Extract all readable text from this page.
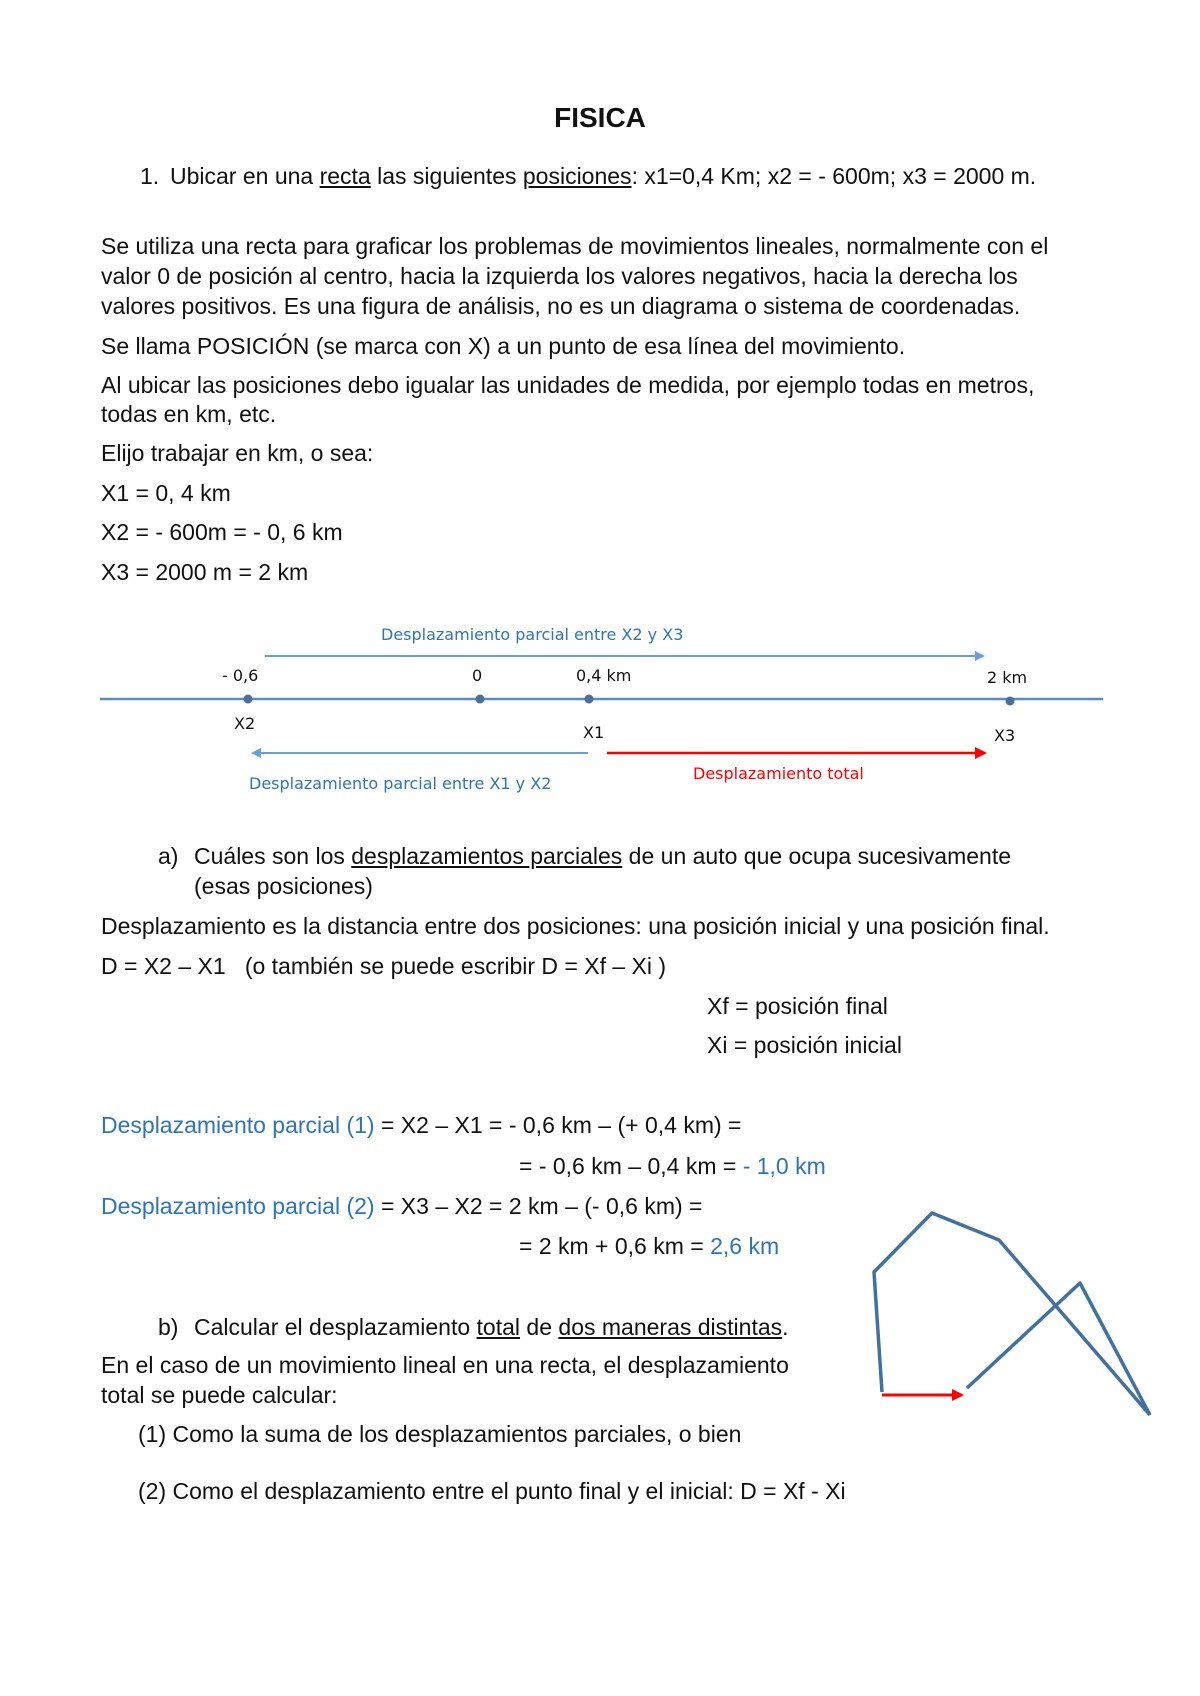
FISICA
1. Ubicar en una recta las siguientes posiciones: x1=0,4 Km; x2 = - 600m; x3 = 2000 m.
Se utiliza una recta para graficar los problemas de movimientos lineales, normalmente con el
valor 0 de posición al centro, hacia la izquierda los valores negativos, hacia la derecha los
valores positivos. Es una figura de análisis, no es un diagrama o sistema de coordenadas.
Se llama POSICIÓN (se marca con X) a un punto de esa línea del movimiento.
Al ubicar las posiciones debo igualar las unidades de medida, por ejemplo todas en metros,
todas en km, etc.
Elijo trabajar en km, o sea:
X1 = 0, 4 km
X2 = - 600m = - 0, 6 km
X3 = 2000 m = 2 km
Desplazamiento parcial entre X2 y X3
- 0,6
X2
0	0,4 km
X1
2 km
X3
Desplazamiento parcial entre X1 y X2
Desplazamiento total
a) Cuáles son los desplazamientos parciales de un auto que ocupa sucesivamente
(esas posiciones)
Desplazamiento es la distancia entre dos posiciones: una posición inicial y una posición final.
D = X2 – X1   (o también se puede escribir D = Xf – Xi )
Xf = posición final
Xi = posición inicial
Desplazamiento parcial (1) = X2 – X1 = - 0,6 km – (+ 0,4 km) =
= - 0,6 km – 0,4 km = - 1,0 km
Desplazamiento parcial (2) = X3 – X2 = 2 km – (- 0,6 km) =
= 2 km + 0,6 km = 2,6 km
b) Calcular el desplazamiento total de dos maneras distintas.
En el caso de un movimiento lineal en una recta, el desplazamiento
total se puede calcular:
(1) Como la suma de los desplazamientos parciales, o bien
(2) Como el desplazamiento entre el punto final y el inicial: D = Xf - Xi
